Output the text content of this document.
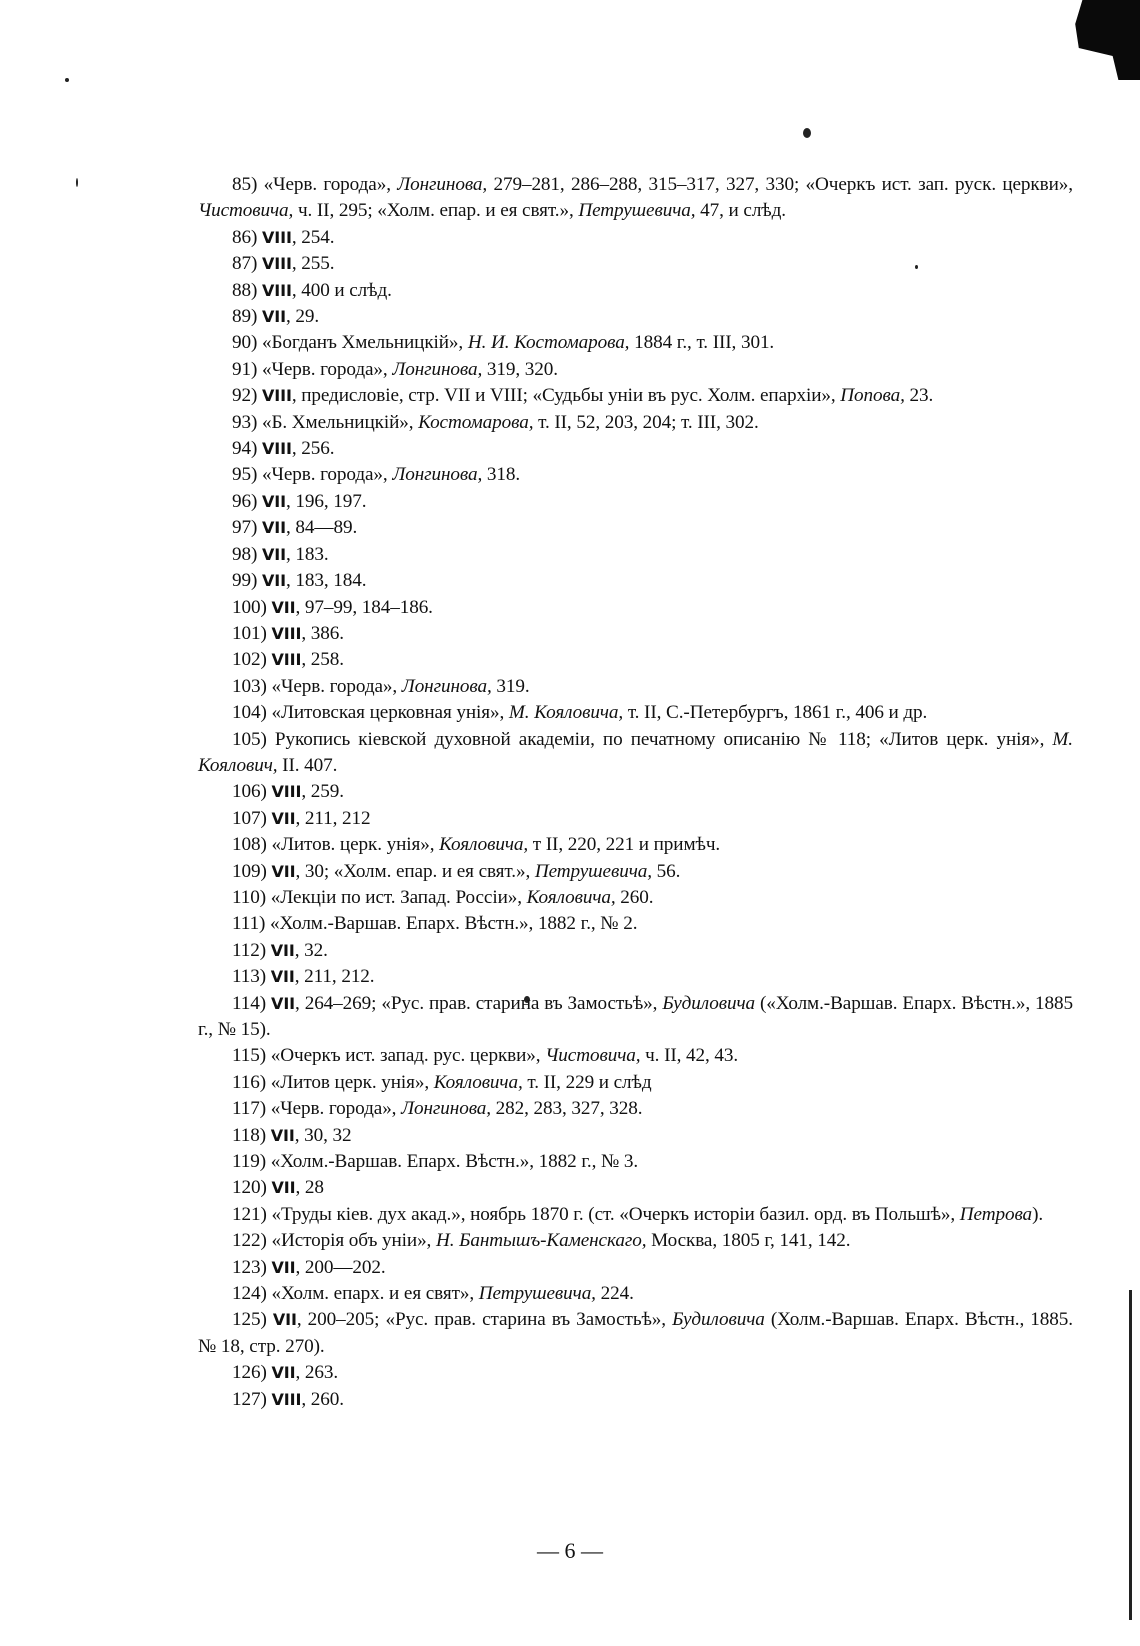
85) «Черв. города», Лонгинова, 279–281, 286–288, 315–317, 327, 330; «Очеркъ ист. зап. руск. церкви», Чистовича, ч. II, 295; «Холм. епар. и ея свят.», Петрушевича, 47, и слѣд.

86) VIII, 254.

87) VIII, 255.

88) VIII, 400 и слѣд.

89) VII, 29.

90) «Богданъ Хмельницкій», Н. И. Костомарова, 1884 г., т. III, 301.

91) «Черв. города», Лонгинова, 319, 320.

92) VIII, предисловіе, стр. VII и VIII; «Судьбы уніи въ рус. Холм. епархіи», Попова, 23.

93) «Б. Хмельницкій», Костомарова, т. II, 52, 203, 204; т. III, 302.

94) VIII, 256.

95) «Черв. города», Лонгинова, 318.

96) VII, 196, 197.

97) VII, 84—89.

98) VII, 183.

99) VII, 183, 184.

100) VII, 97–99, 184–186.

101) VIII, 386.

102) VIII, 258.

103) «Черв. города», Лонгинова, 319.

104) «Литовская церковная унія», М. Кояловича, т. II, С.-Петербургъ, 1861 г., 406 и др.

105) Рукопись кіевской духовной академіи, по печатному описанію № 118; «Литов церк. унія», М. Коялович, II. 407.

106) VIII, 259.

107) VII, 211, 212

108) «Литов. церк. унія», Кояловича, т II, 220, 221 и примѣч.

109) VII, 30; «Холм. епар. и ея свят.», Петрушевича, 56.

110) «Лекціи по ист. Запад. Россіи», Кояловича, 260.

111) «Холм.-Варшав. Епарх. Вѣстн.», 1882 г., № 2.

112) VII, 32.

113) VII, 211, 212.

114) VII, 264–269; «Рус. прав. старина въ Замостьѣ», Будиловича («Холм.-Варшав. Епарх. Вѣстн.», 1885 г., № 15).

115) «Очеркъ ист. запад. рус. церкви», Чистовича, ч. II, 42, 43.

116) «Литов церк. унія», Кояловича, т. II, 229 и слѣд

117) «Черв. города», Лонгинова, 282, 283, 327, 328.

118) VII, 30, 32

119) «Холм.-Варшав. Епарх. Вѣстн.», 1882 г., № 3.

120) VII, 28

121) «Труды кіев. дух акад.», ноябрь 1870 г. (ст. «Очеркъ исторіи базил. орд. въ Польшѣ», Петрова).

122) «Исторія объ уніи», Н. Бантышъ-Каменскаго, Москва, 1805 г, 141, 142.

123) VII, 200—202.

124) «Холм. епарх. и ея свят», Петрушевича, 224.

125) VII, 200–205; «Рус. прав. старина въ Замостьѣ», Будиловича (Холм.-Варшав. Епарх. Вѣстн., 1885. № 18, стр. 270).

126) VII, 263.

127) VIII, 260.

— 6 —
